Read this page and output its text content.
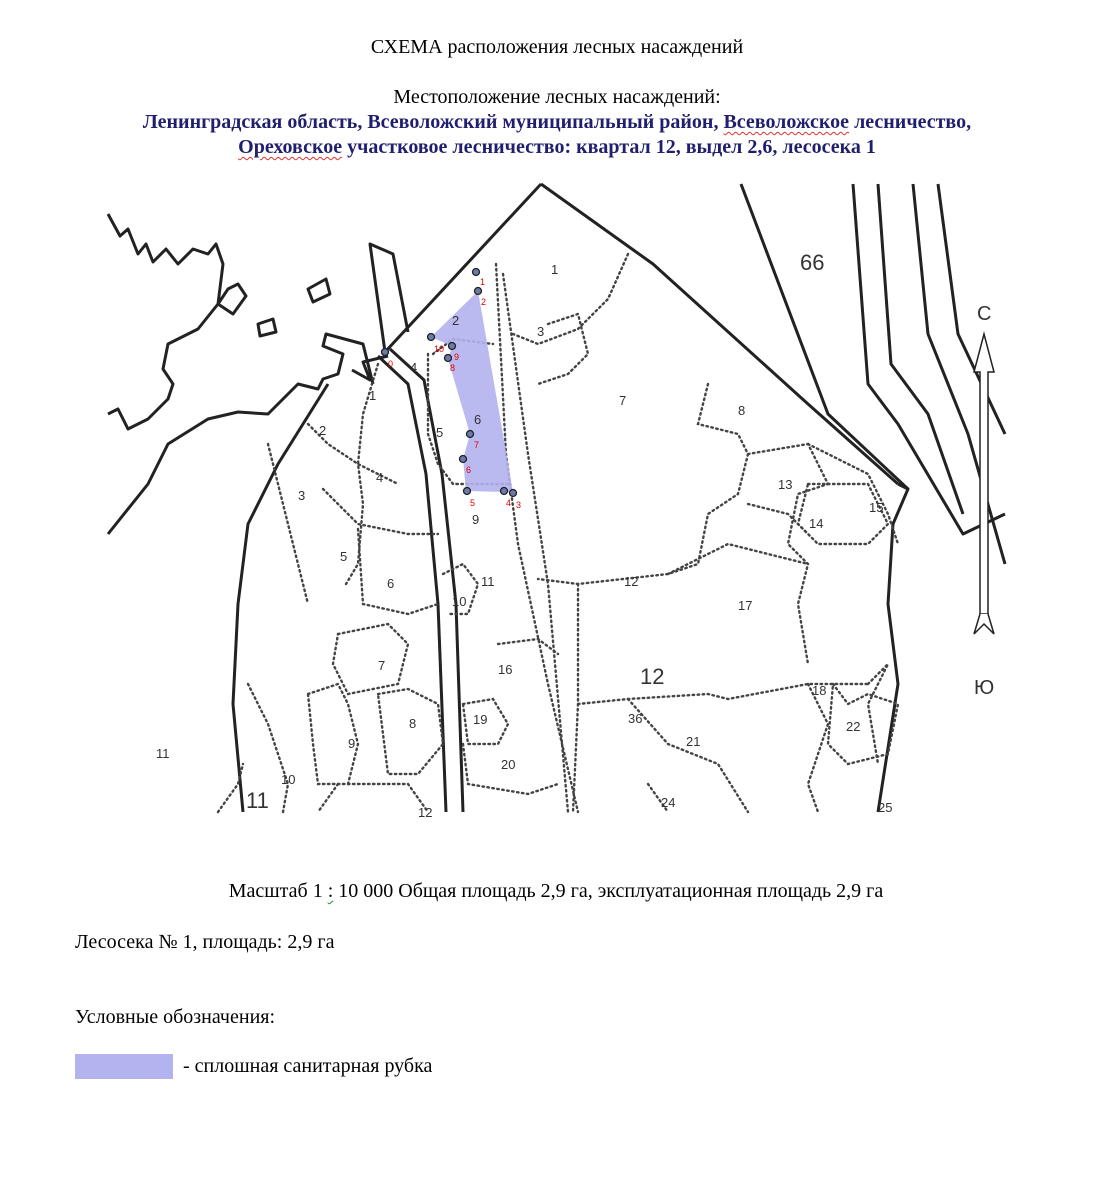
СХЕМА расположения лесных насаждений
Местоположение лесных насаждений:
Ленинградская область, Всеволожский муниципальный район, Всеволожское лесничество,
Ореховское участковое лесничество: квартал 12, выдел 2,6, лесосека 1
66
12
11
1
3
7
8
13
14
15
17
12
18
22
36
21
24	25
2
4
5
6
9
11
10
16
19
20
1
2
3
4
5
6
7
8
9
10
11
12
1
2
10
9
8
7
6
5	4 3
0
С
Ю
Масштаб 1 : 10 000 Общая площадь 2,9 га, эксплуатационная площадь 2,9 га
Лесосека № 1, площадь: 2,9 га
Условные обозначения:
- сплошная санитарная рубка
